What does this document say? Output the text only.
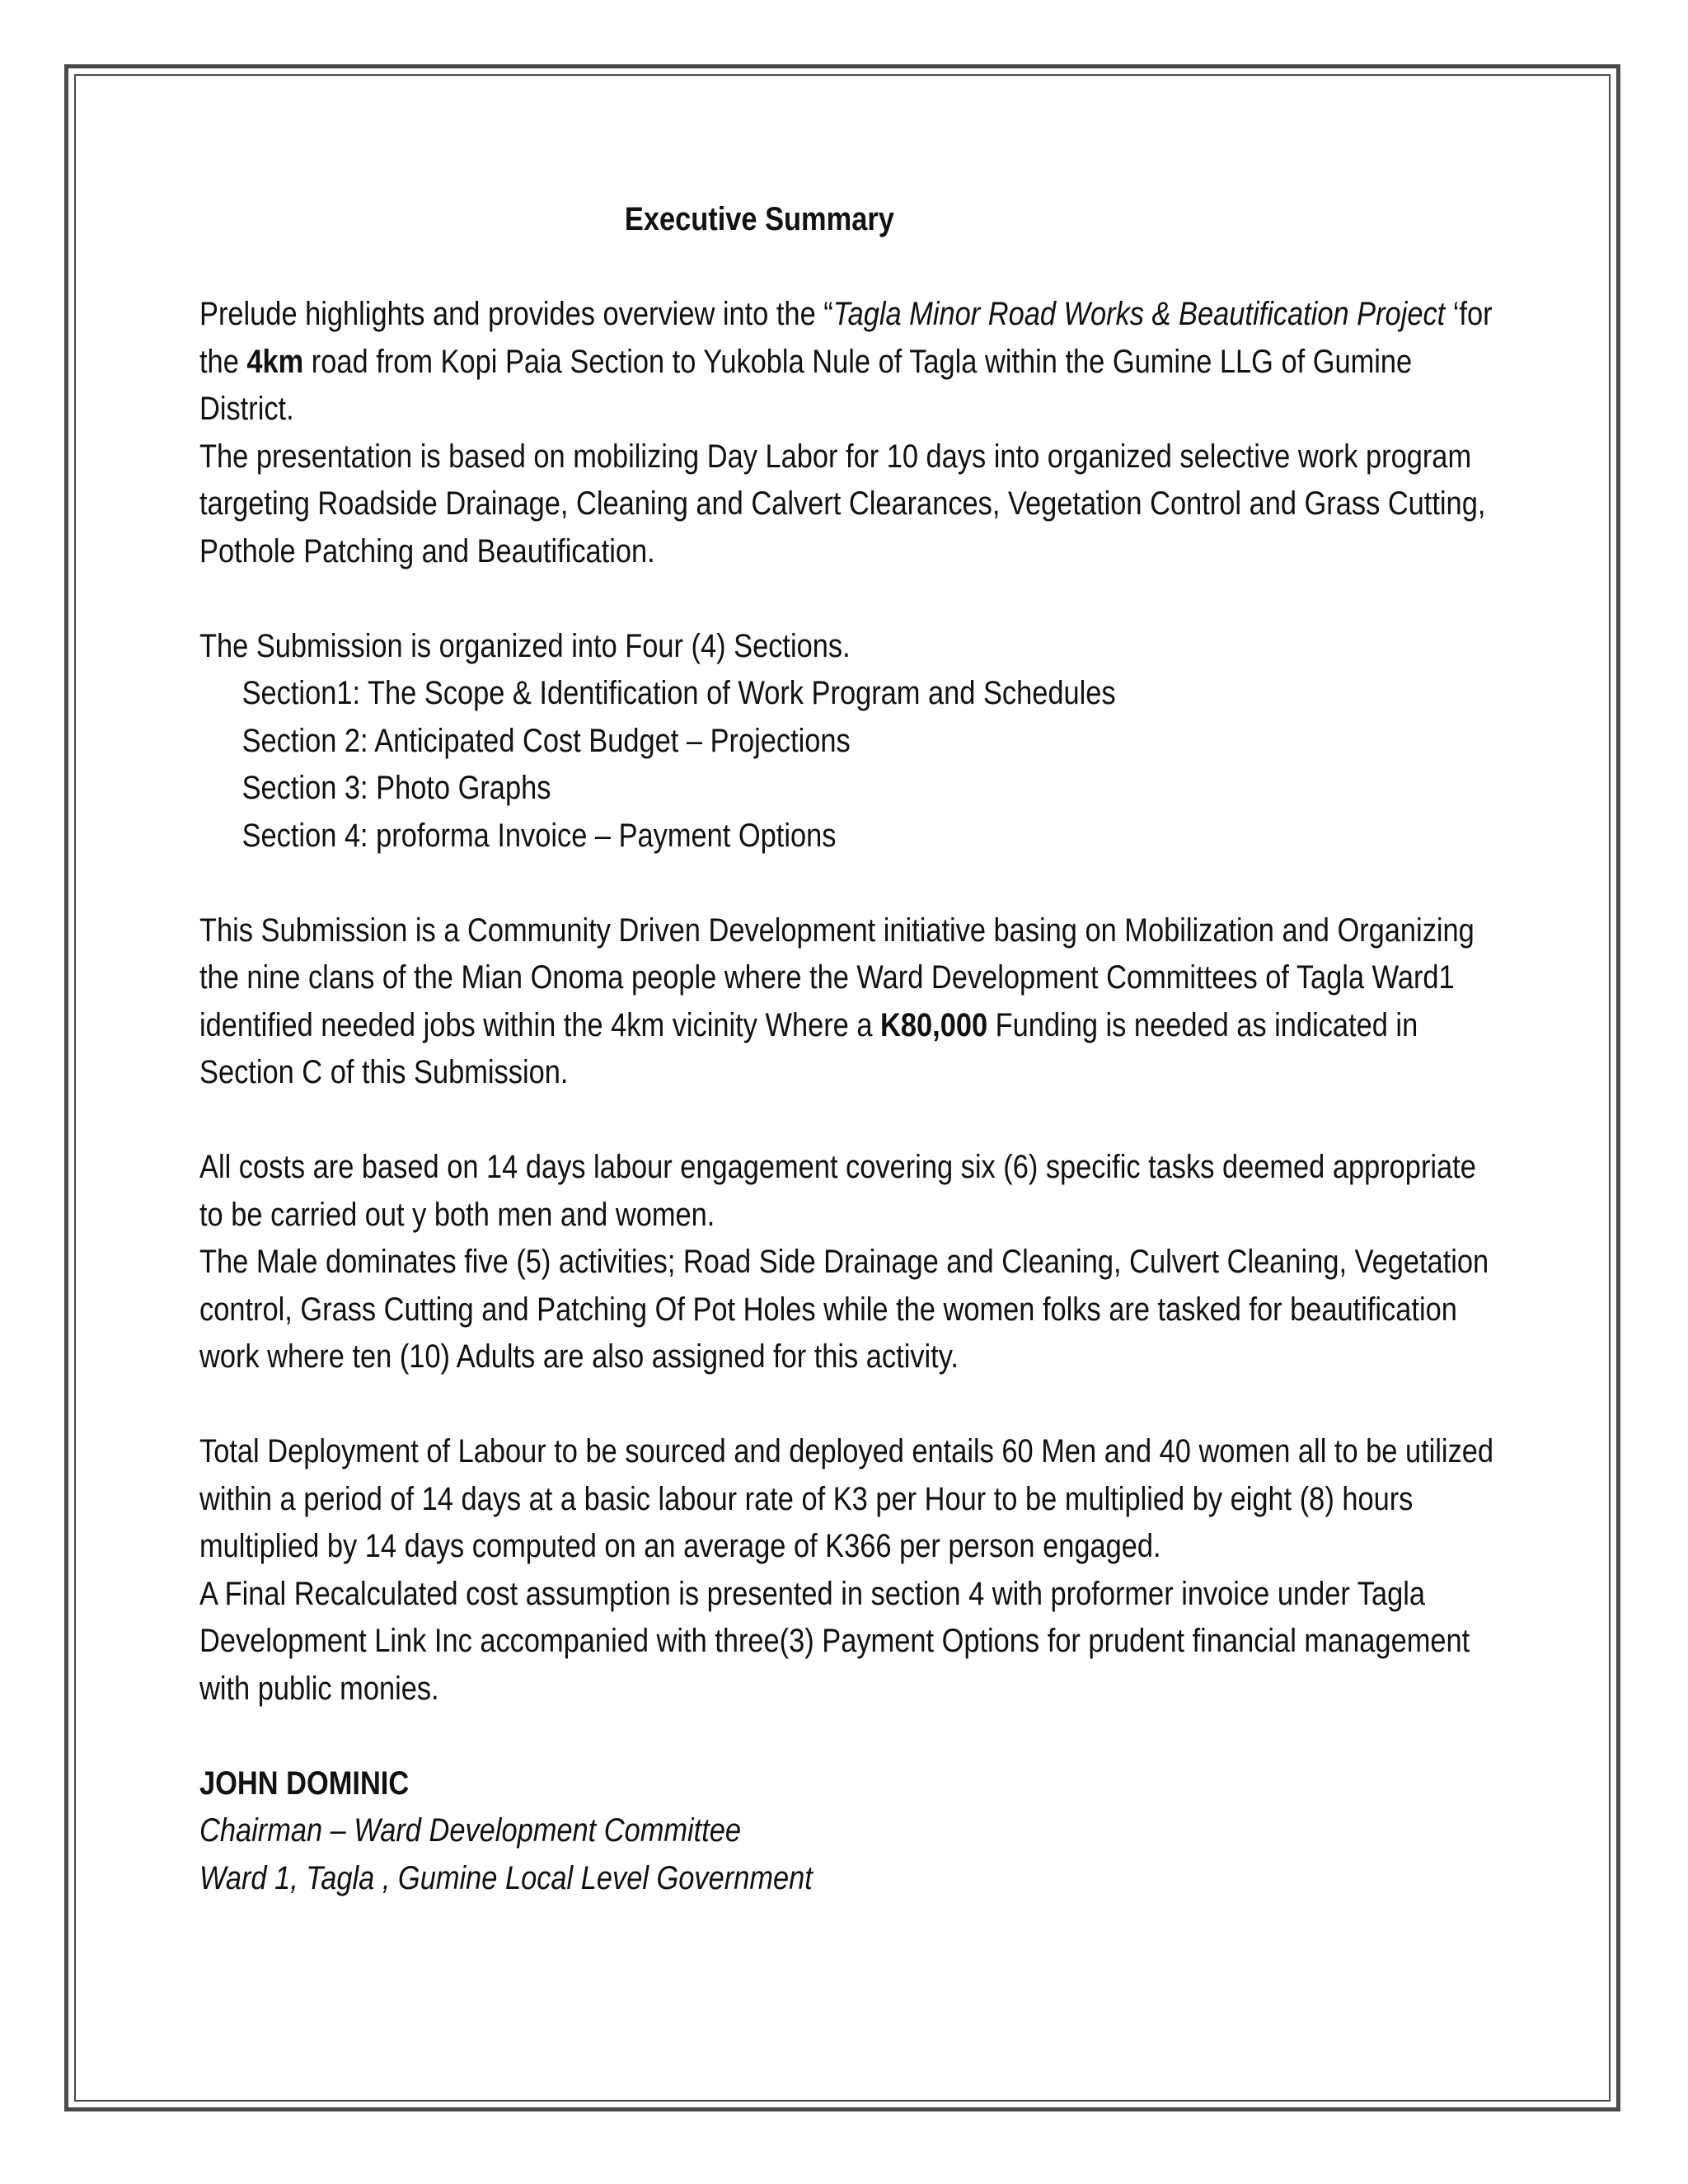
Executive Summary

Prelude highlights and provides overview into the “Tagla Minor Road Works & Beautification Project ‘for the 4km road from Kopi Paia Section to Yukobla Nule of Tagla within the Gumine LLG of Gumine District.

The presentation is based on mobilizing Day Labor for 10 days into organized selective work program targeting Roadside Drainage, Cleaning and Calvert Clearances, Vegetation Control and Grass Cutting, Pothole Patching and Beautification.

The Submission is organized into Four (4) Sections.

Section1: The Scope & Identification of Work Program and Schedules

Section 2: Anticipated Cost Budget – Projections

Section 3: Photo Graphs

Section 4: proforma Invoice – Payment Options

This Submission is a Community Driven Development initiative basing on Mobilization and Organizing the nine clans of the Mian Onoma people where the Ward Development Committees of Tagla Ward1 identified needed jobs within the 4km vicinity Where a K80,000 Funding is needed as indicated in Section C of this Submission.

All costs are based on 14 days labour engagement covering six (6) specific tasks deemed appropriate to be carried out y both men and women.

The Male dominates five (5) activities; Road Side Drainage and Cleaning, Culvert Cleaning, Vegetation control, Grass Cutting and Patching Of Pot Holes while the women folks are tasked for beautification work where ten (10) Adults are also assigned for this activity.

Total Deployment of Labour to be sourced and deployed entails 60 Men and 40 women all to be utilized within a period of 14 days at a basic labour rate of K3 per Hour to be multiplied by eight (8) hours multiplied by 14 days computed on an average of K366 per person engaged.

A Final Recalculated cost assumption is presented in section 4 with proformer invoice under Tagla Development Link Inc accompanied with three(3) Payment Options for prudent financial management with public monies.

JOHN DOMINIC

Chairman – Ward Development Committee

Ward 1, Tagla , Gumine Local Level Government
